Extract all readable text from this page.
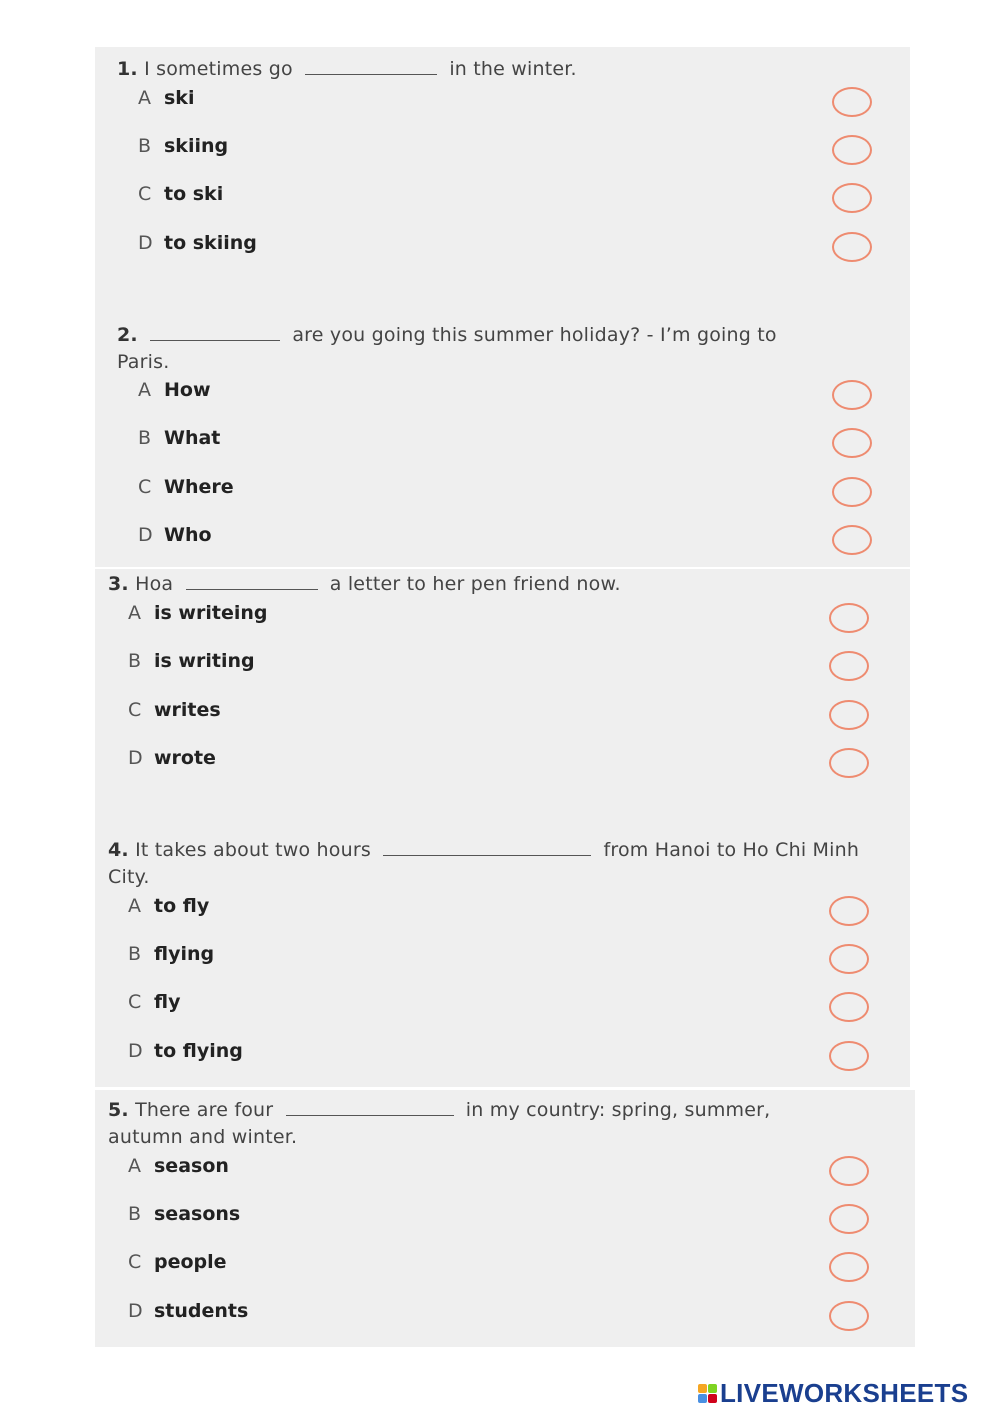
1. I sometimes go	in the winter.
A ski
B skiing
C to ski
D to skiing
2.	are you going this summer holiday? - I’m going to Paris.
A How
B What
C Where
D Who
3. Hoa	a letter to her pen friend now.
A is writeing
B is writing
C writes
D wrote
4. It takes about two hours	from Hanoi to Ho Chi Minh City.
A to fly
B flying
C fly
D to flying
5. There are four	in my country: spring, summer, autumn and winter.
A season
B seasons
C people
D students
LIVEWORKSHEETS
